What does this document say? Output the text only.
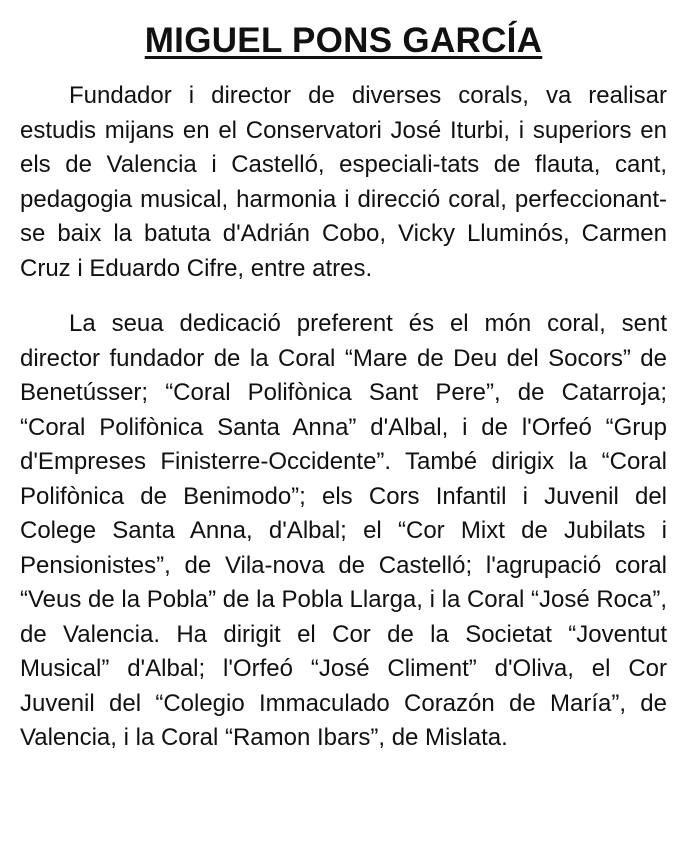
MIGUEL PONS GARCÍA

Fundador i director de diverses corals, va realisar estudis mijans en el Conservatori José Iturbi, i superiors en els de Valencia i Castelló, especiali-tats de flauta, cant, pedagogia musical, harmonia i direcció coral, perfeccionant-se baix la batuta d'Adrián Cobo, Vicky Lluminós, Carmen Cruz i Eduardo Cifre, entre atres.

La seua dedicació preferent és el món coral, sent director fundador de la Coral “Mare de Deu del Socors” de Benetússer; “Coral Polifònica Sant Pere”, de Catarroja; “Coral Polifònica Santa Anna” d'Albal, i de l'Orfeó “Grup d'Empreses Finisterre-Occidente”. També dirigix la “Coral Polifònica de Benimodo”; els Cors Infantil i Juvenil del Colege Santa Anna, d'Albal; el “Cor Mixt de Jubilats i Pensionistes”, de Vila-nova de Castelló; l'agrupació coral “Veus de la Pobla” de la Pobla Llarga, i la Coral “José Roca”, de Valencia. Ha dirigit el Cor de la Societat “Joventut Musical” d'Albal; l'Orfeó “José Climent” d'Oliva, el Cor Juvenil del “Colegio Immaculado Corazón de María”, de Valencia, i la Coral “Ramon Ibars”, de Mislata.
